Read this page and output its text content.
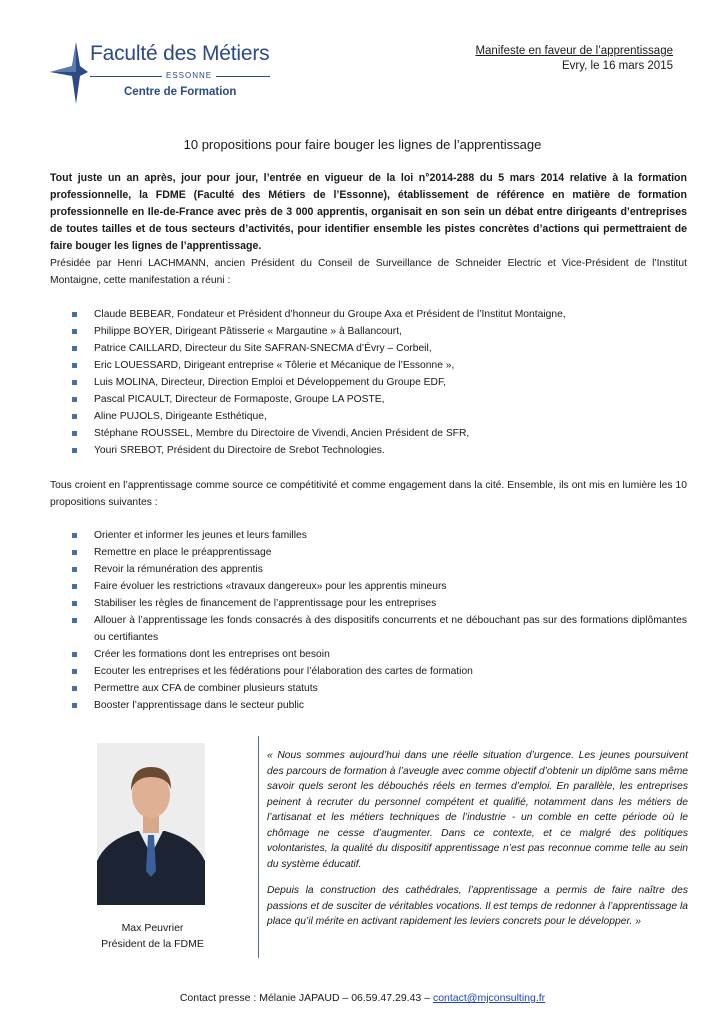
Faculté des Métiers
ESSONNE
Centre de Formation
Manifeste en faveur de l’apprentissage
Evry, le 16 mars 2015
10 propositions pour faire bouger les lignes de l’apprentissage
Tout juste un an après, jour pour jour, l’entrée en vigueur de la loi n°2014-288 du 5 mars 2014 relative à la formation professionnelle, la FDME (Faculté des Métiers de l’Essonne), établissement de référence en matière de formation professionnelle en Ile-de-France avec près de 3 000 apprentis, organisait en son sein un débat entre dirigeants d’entreprises de toutes tailles et de tous secteurs d’activités, pour identifier ensemble les pistes concrètes d’actions qui permettraient de faire bouger les lignes de l’apprentissage.
Présidée par Henri LACHMANN, ancien Président du Conseil de Surveillance de Schneider Electric et Vice-Président de l’Institut Montaigne, cette manifestation a réuni :
Claude BEBEAR, Fondateur et Président d’honneur du Groupe Axa et Président de l’Institut Montaigne,
Philippe BOYER, Dirigeant Pâtisserie « Margautine » à Ballancourt,
Patrice CAILLARD, Directeur du Site SAFRAN-SNECMA d’Évry – Corbeil,
Eric LOUESSARD, Dirigeant entreprise « Tôlerie et Mécanique de l’Essonne »,
Luis MOLINA, Directeur, Direction Emploi et Développement du Groupe EDF,
Pascal PICAULT, Directeur de Formaposte, Groupe LA POSTE,
Aline PUJOLS, Dirigeante Esthétique,
Stéphane ROUSSEL, Membre du Directoire de Vivendi, Ancien Président de SFR,
Youri SREBOT, Président du Directoire de Srebot Technologies.
Tous croient en l’apprentissage comme source ce compétitivité et comme engagement dans la cité. Ensemble, ils ont mis en lumière les 10 propositions suivantes :
Orienter et informer les jeunes et leurs familles
Remettre en place le préapprentissage
Revoir la rémunération des apprentis
Faire évoluer les restrictions «travaux dangereux» pour les apprentis mineurs
Stabiliser les règles de financement de l’apprentissage pour les entreprises
Allouer à l’apprentissage les fonds consacrés à des dispositifs concurrents et ne débouchant pas sur des formations diplômantes ou certifiantes
Créer les formations dont les entreprises ont besoin
Ecouter les entreprises et les fédérations pour l’élaboration des cartes de formation
Permettre aux CFA de combiner plusieurs statuts
Booster l’apprentissage dans le secteur public
Max Peuvrier
Président de la FDME

« Nous sommes aujourd’hui dans une réelle situation d’urgence. Les jeunes poursuivent des parcours de formation à l’aveugle avec comme objectif d’obtenir un diplôme sans même savoir quels seront les débouchés réels en termes d’emploi. En parallèle, les entreprises peinent à recruter du personnel compétent et qualifié, notamment dans les métiers de l’artisanat et les métiers techniques de l’industrie - un comble en cette période où le chômage ne cesse d’augmenter. Dans ce contexte, et ce malgré des politiques volontaristes, la qualité du dispositif apprentissage n’est pas reconnue comme telle au sein du système éducatif.

Depuis la construction des cathédrales, l’apprentissage a permis de faire naître des passions et de susciter de véritables vocations. Il est temps de redonner à l’apprentissage la place qu’il mérite en activant rapidement les leviers concrets pour le développer. »

Contact presse : Mélanie JAPAUD – 06.59.47.29.43 – contact@mjconsulting.fr
